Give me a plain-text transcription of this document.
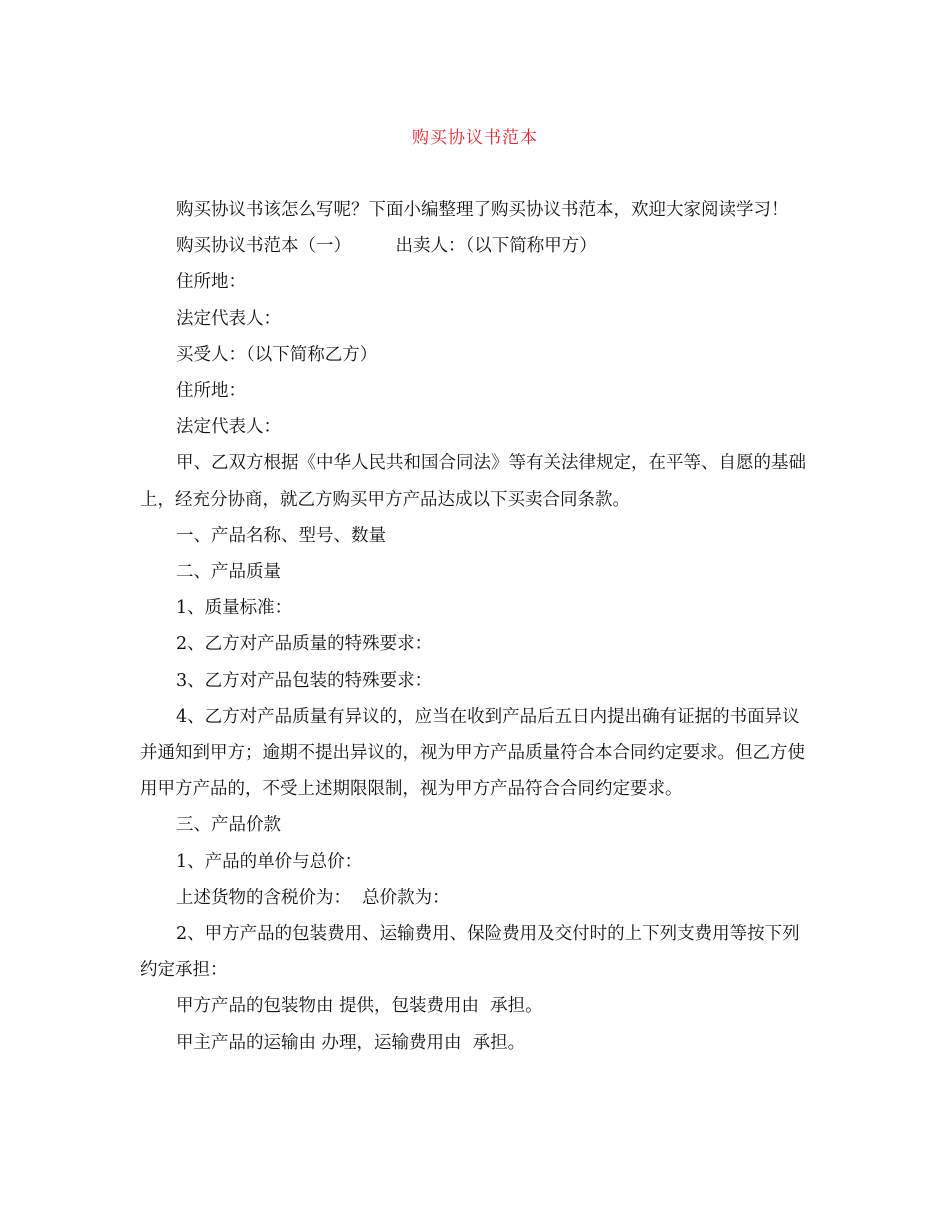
购买协议书范本

购买协议书该怎么写呢？下面小编整理了购买协议书范本，欢迎大家阅读学习！

购买协议书范本（一）        出卖人：（以下简称甲方）

住所地：

法定代表人：

买受人：（以下简称乙方）

住所地：

法定代表人：

甲、乙双方根据《中华人民共和国合同法》等有关法律规定，在平等、自愿的基础上，经充分协商，就乙方购买甲方产品达成以下买卖合同条款。

一、产品名称、型号、数量

二、产品质量

1、质量标准：

2、乙方对产品质量的特殊要求：

3、乙方对产品包装的特殊要求：

4、乙方对产品质量有异议的，应当在收到产品后五日内提出确有证据的书面异议并通知到甲方；逾期不提出异议的，视为甲方产品质量符合本合同约定要求。但乙方使用甲方产品的，不受上述期限限制，视为甲方产品符合合同约定要求。

三、产品价款

1、产品的单价与总价：

上述货物的含税价为：  总价款为：

2、甲方产品的包装费用、运输费用、保险费用及交付时的上下列支费用等按下列约定承担：

甲方产品的包装物由 提供，包装费用由  承担。

甲主产品的运输由 办理，运输费用由  承担。
